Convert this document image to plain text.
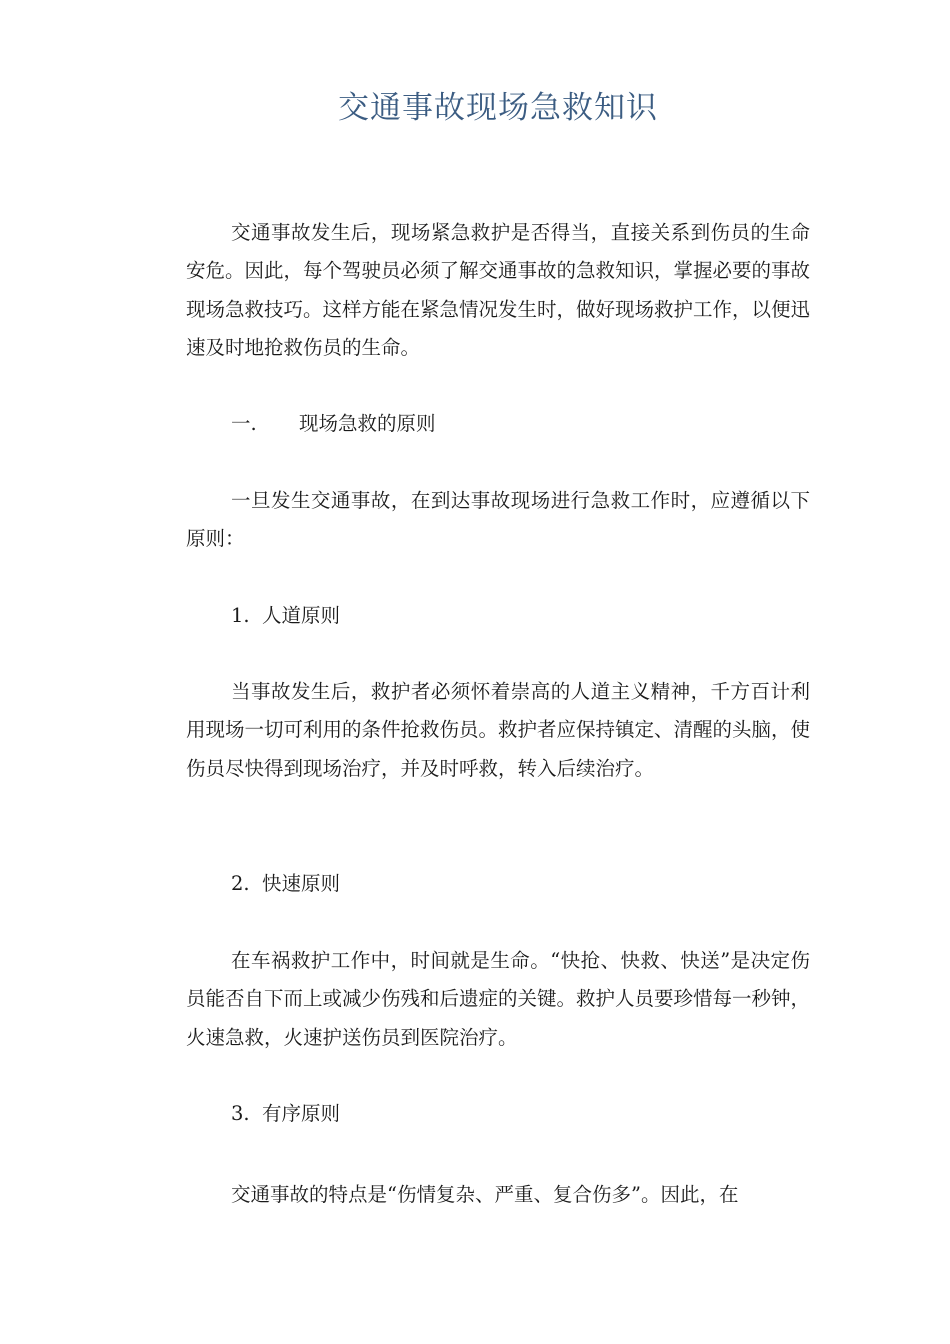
交通事故现场急救知识

交通事故发生后，现场紧急救护是否得当，直接关系到伤员的生命安危。因此，每个驾驶员必须了解交通事故的急救知识，掌握必要的事故现场急救技巧。这样方能在紧急情况发生时，做好现场救护工作，以便迅速及时地抢救伤员的生命。

一. 现场急救的原则

一旦发生交通事故，在到达事故现场进行急救工作时，应遵循以下原则：

1. 人道原则

当事故发生后，救护者必须怀着崇高的人道主义精神，千方百计利用现场一切可利用的条件抢救伤员。救护者应保持镇定、清醒的头脑，使伤员尽快得到现场治疗，并及时呼救，转入后续治疗。

2. 快速原则

在车祸救护工作中，时间就是生命。“快抢、快救、快送”是决定伤员能否自下而上或减少伤残和后遗症的关键。救护人员要珍惜每一秒钟，火速急救，火速护送伤员到医院治疗。

3. 有序原则

交通事故的特点是“伤情复杂、严重、复合伤多”。因此，在
